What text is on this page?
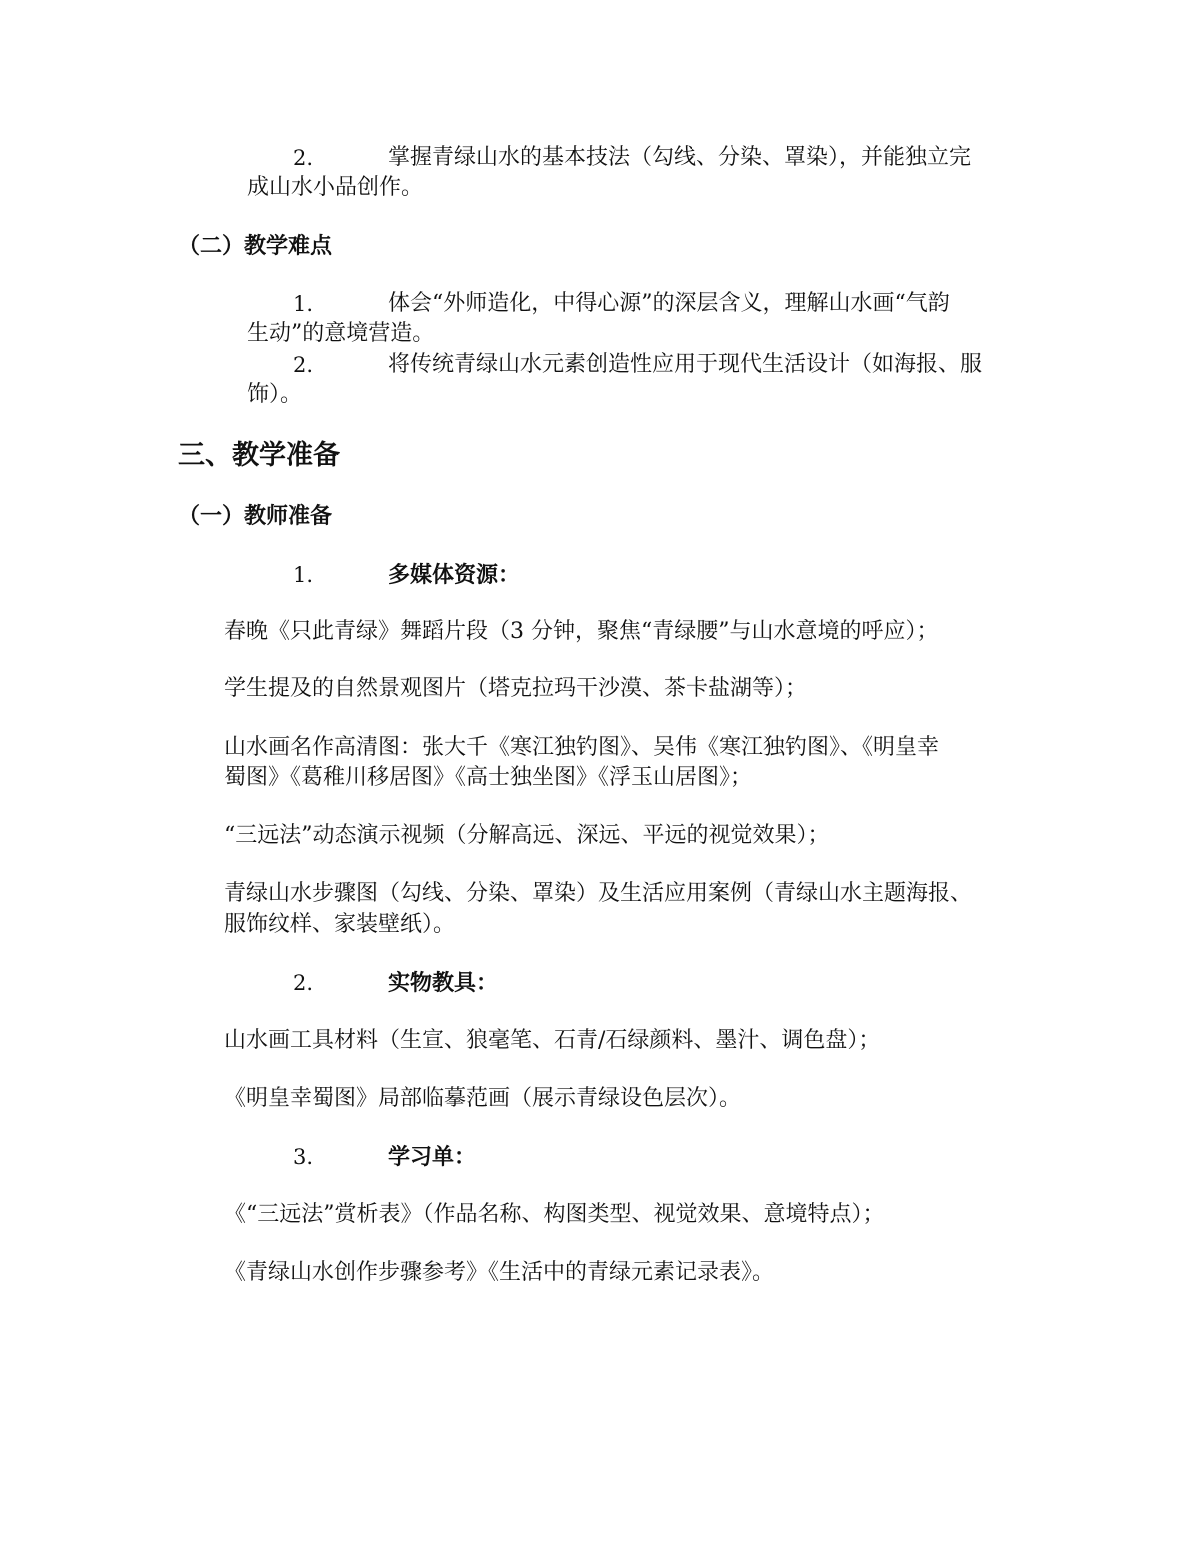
2.	掌握青绿山水的基本技法（勾线、分染、罩染），并能独立完

成山水小品创作。

（二）教学难点

1.	体会“外师造化，中得心源”的深层含义，理解山水画“气韵

生动”的意境营造。

2.	将传统青绿山水元素创造性应用于现代生活设计（如海报、服

饰）。

三、教学准备

（一）教师准备

1.	多媒体资源：

春晚《只此青绿》舞蹈片段（3 分钟，聚焦“青绿腰”与山水意境的呼应）；

学生提及的自然景观图片（塔克拉玛干沙漠、茶卡盐湖等）；

山水画名作高清图：张大千《寒江独钓图》、吴伟《寒江独钓图》、《明皇幸

蜀图》《葛稚川移居图》《高士独坐图》《浮玉山居图》；

“三远法”动态演示视频（分解高远、深远、平远的视觉效果）；

青绿山水步骤图（勾线、分染、罩染）及生活应用案例（青绿山水主题海报、

服饰纹样、家装壁纸）。

2.	实物教具：

山水画工具材料（生宣、狼毫笔、石青/石绿颜料、墨汁、调色盘）；

《明皇幸蜀图》局部临摹范画（展示青绿设色层次）。

3.	学习单：

《“三远法”赏析表》（作品名称、构图类型、视觉效果、意境特点）；

《青绿山水创作步骤参考》《生活中的青绿元素记录表》。
